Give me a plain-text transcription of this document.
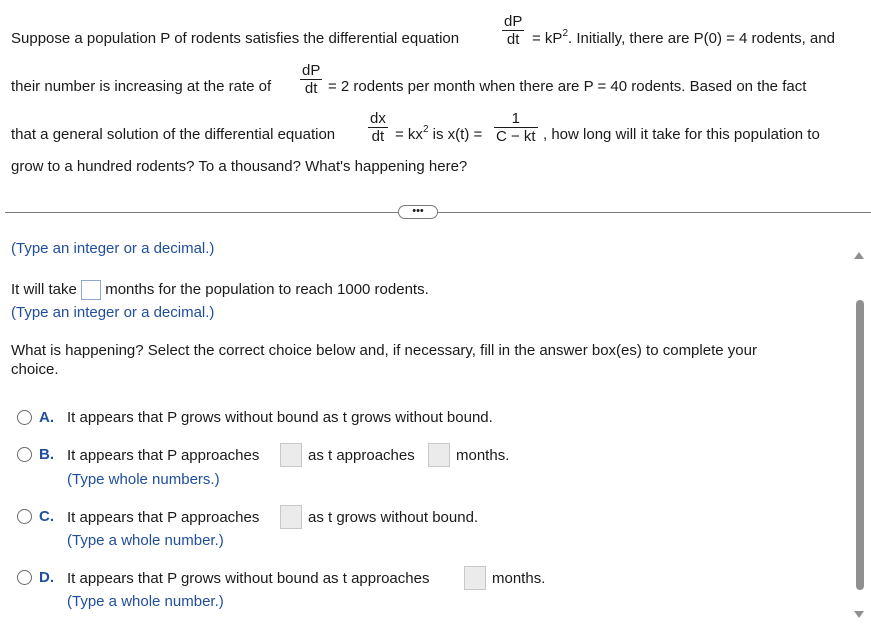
Suppose a population P of rodents satisfies the differential equation	$\frac{dP}{dt} = kP^2$. Initially, there are P(0) = 4 rodents, and
their number is increasing at the rate of $\frac{dP}{dt} = 2$ rodents per month when there are P = 40 rodents. Based on the fact
that a general solution of the differential equation $\frac{dx}{dt} = kx^2$ is $x(t) = \frac{1}{C - kt}$ , how long will it take for this population to
grow to a hundred rodents? To a thousand? What's happening here?
•••
(Type an integer or a decimal.)
It will take months for the population to reach 1000 rodents.
(Type an integer or a decimal.)
What is happening? Select the correct choice below and, if necessary, fill in the answer box(es) to complete your
choice.
A. It appears that P grows without bound as t grows without bound.
B. It appears that P approaches	as t approaches	months.
(Type whole numbers.)
C. It appears that P approaches	as t grows without bound.
(Type a whole number.)
D. It appears that P grows without bound as t approaches	months.
(Type a whole number.)
